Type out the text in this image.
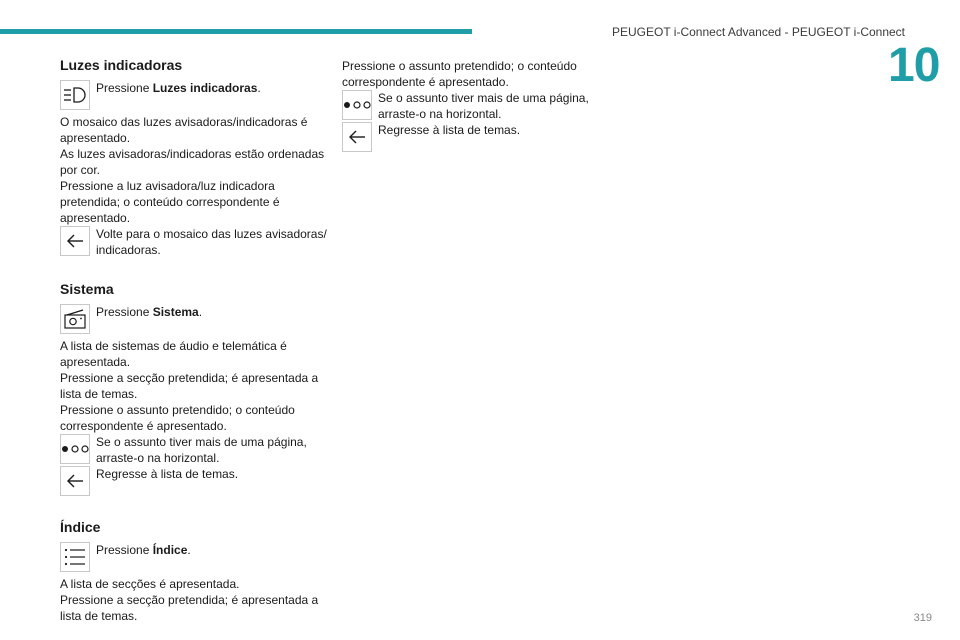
PEUGEOT i-Connect Advanced - PEUGEOT i-Connect
10
Luzes indicadoras
Pressione Luzes indicadoras.

O mosaico das luzes avisadoras/indicadoras é apresentado.

As luzes avisadoras/indicadoras estão ordenadas por cor.

Pressione a luz avisadora/luz indicadora pretendida; o conteúdo correspondente é apresentado.

Volte para o mosaico das luzes avisadoras/ indicadoras.
Sistema
Pressione Sistema.

A lista de sistemas de áudio e telemática é apresentada.

Pressione a secção pretendida; é apresentada a lista de temas.

Pressione o assunto pretendido; o conteúdo correspondente é apresentado.

Se o assunto tiver mais de uma página, arraste-o na horizontal.
Regresse à lista de temas.
Índice
Pressione Índice.

A lista de secções é apresentada.

Pressione a secção pretendida; é apresentada a lista de temas.

Pressione o assunto pretendido; o conteúdo correspondente é apresentado.

Se o assunto tiver mais de uma página, arraste-o na horizontal.
Regresse à lista de temas.
319
